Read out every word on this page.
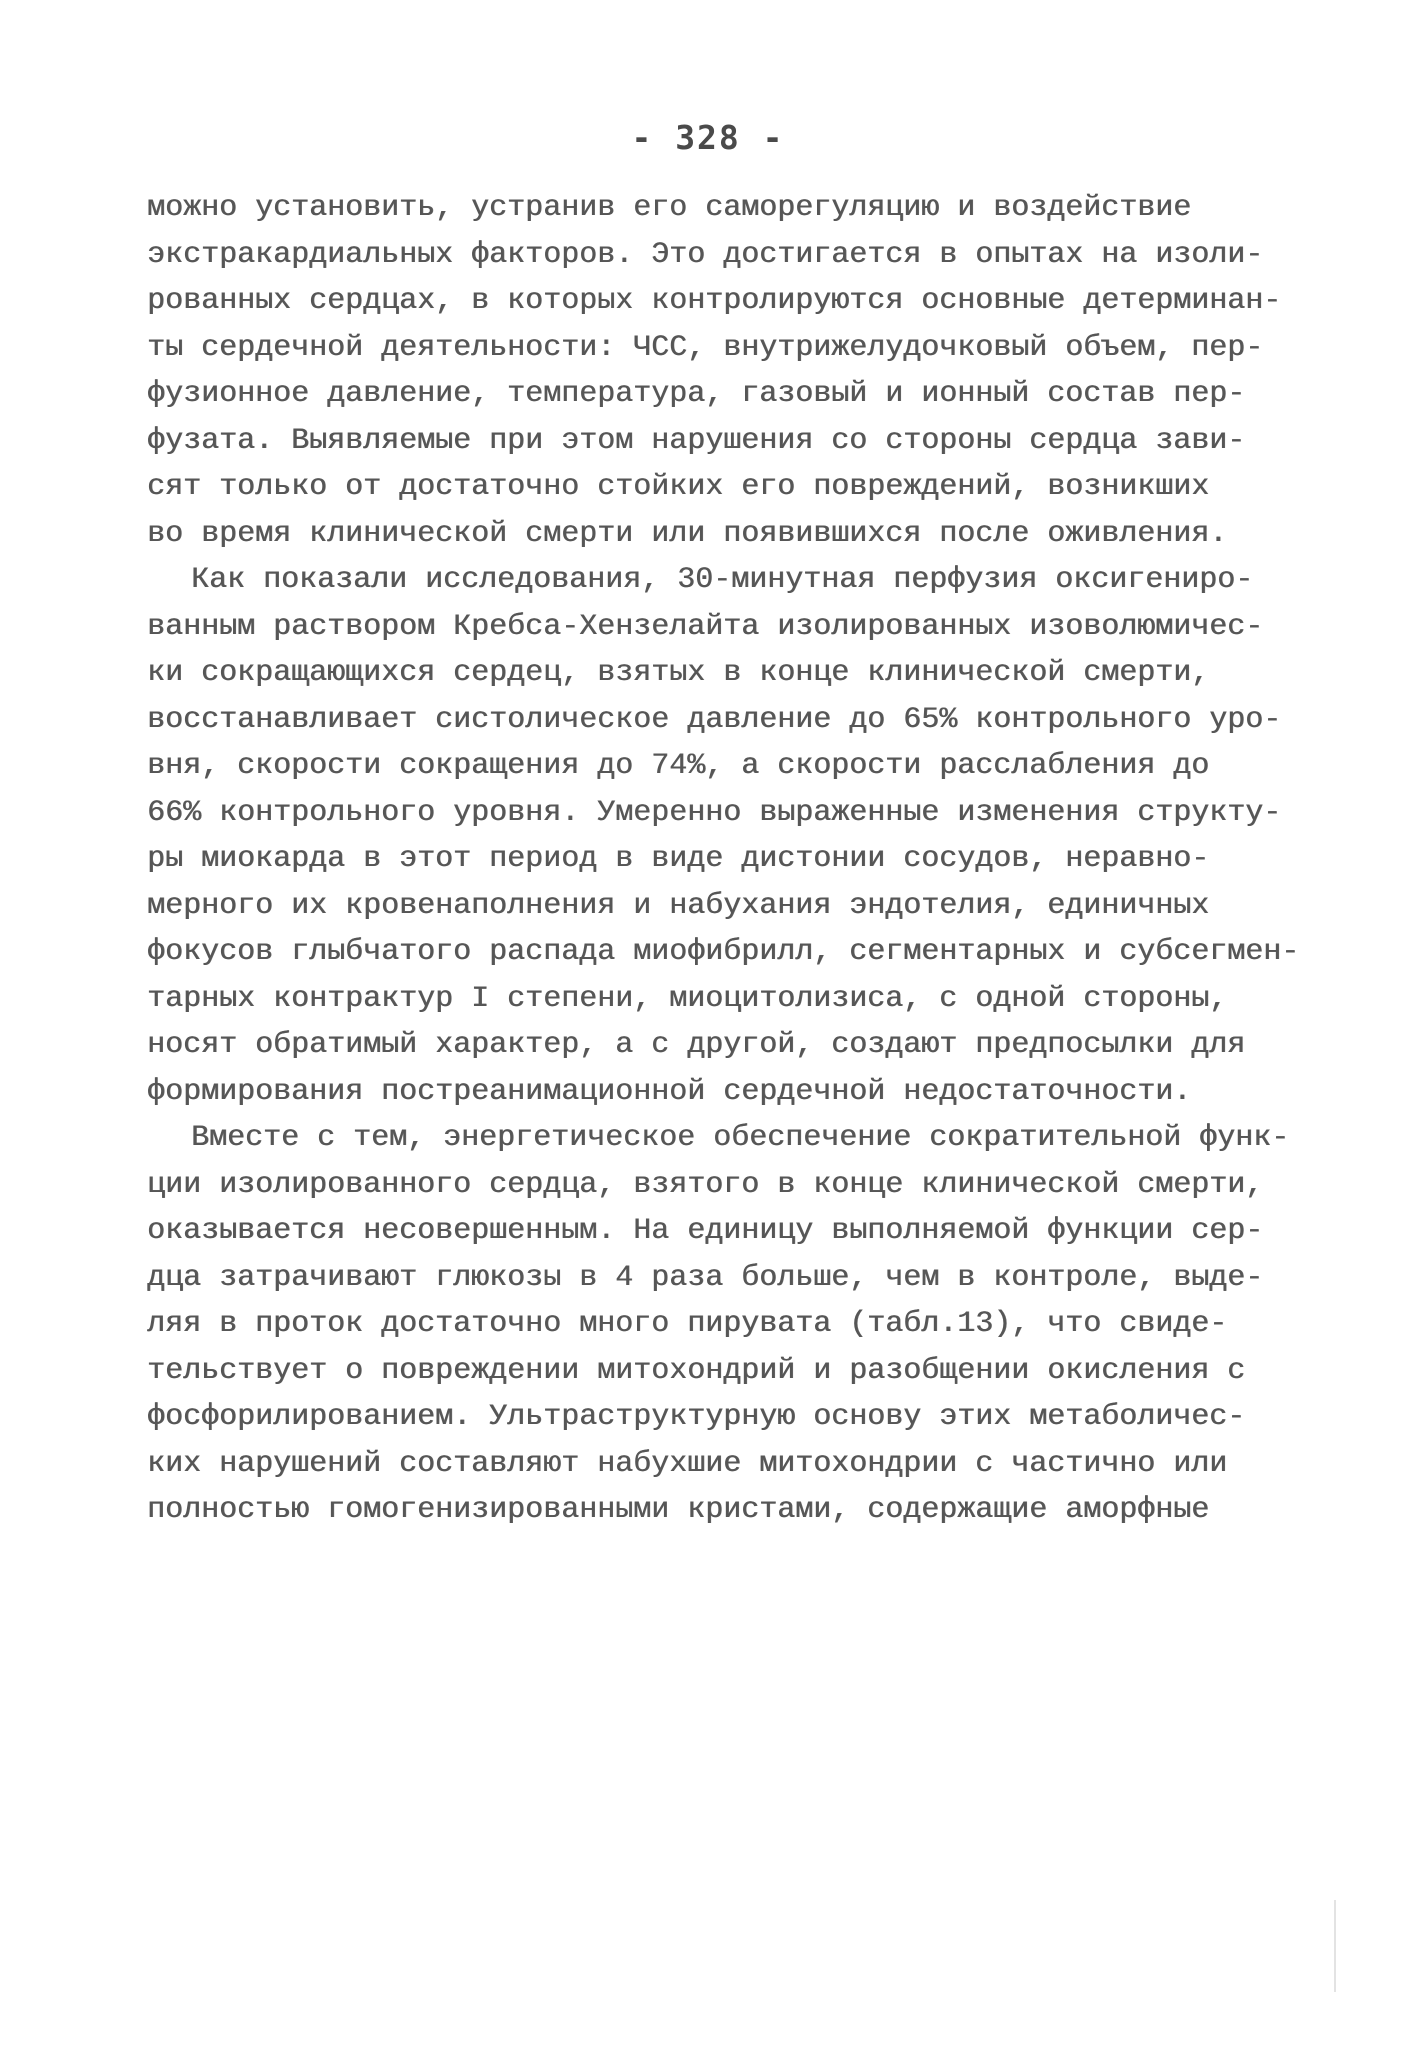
- 328 -
можно установить, устранив его саморегуляцию и воздействие
экстракардиальных факторов. Это достигается в опытах на изоли-
рованных сердцах, в которых контролируются основные детерминан-
ты сердечной деятельности: ЧСС, внутрижелудочковый объем, пер-
фузионное давление, температура, газовый и ионный состав пер-
фузата. Выявляемые при этом нарушения со стороны сердца зави-
сят только от достаточно стойких его повреждений, возникших
во время клинической смерти или появившихся после оживления.
Как показали исследования, 30-минутная перфузия оксигениро-
ванным раствором Кребса-Хензелайта изолированных изоволюмичес-
ки сокращающихся сердец, взятых в конце клинической смерти,
восстанавливает систолическое давление до 65% контрольного уро-
вня, скорости сокращения до 74%, а скорости расслабления до
66% контрольного уровня. Умеренно выраженные изменения структу-
ры миокарда в этот период в виде дистонии сосудов, неравно-
мерного их кровенаполнения и набухания эндотелия, единичных
фокусов глыбчатого распада миофибрилл, сегментарных и субсегмен-
тарных контрактур I степени, миоцитолизиса, с одной стороны,
носят обратимый характер, а с другой, создают предпосылки для
формирования постреанимационной сердечной недостаточности.
Вместе с тем, энергетическое обеспечение сократительной функ-
ции изолированного сердца, взятого в конце клинической смерти,
оказывается несовершенным. На единицу выполняемой функции сер-
дца затрачивают глюкозы в 4 раза больше, чем в контроле, выде-
ляя в проток достаточно много пирувата (табл.13), что свиде-
тельствует о повреждении митохондрий и разобщении окисления с
фосфорилированием. Ультраструктурную основу этих метаболичес-
ких нарушений составляют набухшие митохондрии с частично или
полностью гомогенизированными кристами, содержащие аморфные
